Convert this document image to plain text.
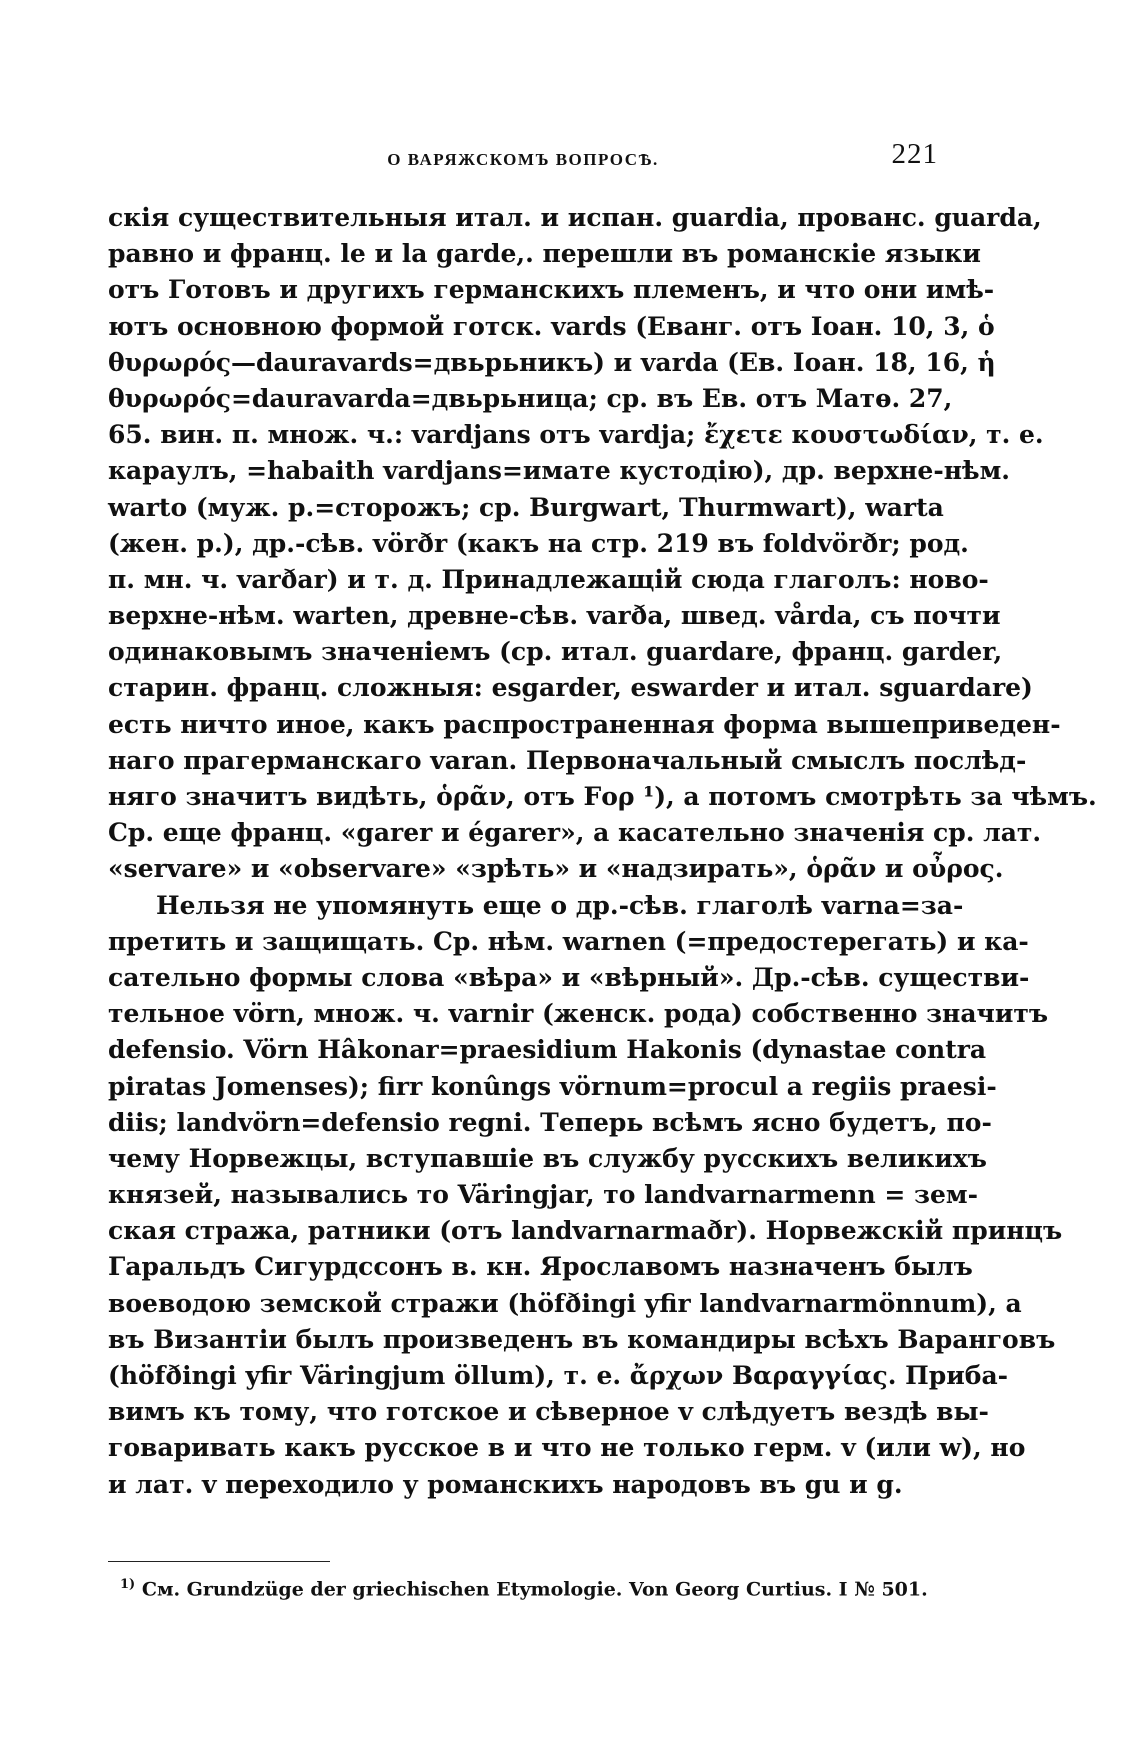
О ВАРЯЖСКОМЪ ВОПРОСѢ.	221
скія существительныя итал. и испан. guardia, прованс. guarda,
равно и франц. le и la garde,. перешли въ романскіе языки
отъ Готовъ и другихъ германскихъ племенъ, и что они имѣ-
ютъ основною формой готск. vards (Еванг. отъ Іоан. 10, 3, ὁ
θυρωρός—dauravards=двьрьникъ) и varda (Ев. Іоан. 18, 16, ἡ
θυρωρός=dauravarda=двьрьница; ср. въ Ев. отъ Матѳ. 27,
65. вин. п. множ. ч.: vardjans отъ vardja; ἔχετε κουστωδίαν, т. е.
караулъ, =habaith vardjans=имате кустодію), др. верхне-нѣм.
warto (муж. р.=сторожъ; ср. Burgwart, Thurmwart), warta
(жен. р.), др.-сѣв. vörðr (какъ на стр. 219 въ foldvörðr; род.
п. мн. ч. varðar) и т. д. Принадлежащій сюда глаголъ: ново-
верхне-нѣм. warten, древне-сѣв. varða, швед. vårda, съ почти
одинаковымъ значеніемъ (ср. итал. guardare, франц. garder,
старин. франц. сложныя: esgarder, eswarder и итал. sguardare)
есть ничто иное, какъ распространенная форма вышеприведен-
наго прагерманскаго varan. Первоначальный смыслъ послѣд-
няго значитъ видѣть, ὁρᾶν, отъ Fορ ¹), а потомъ смотрѣть за чѣмъ.
Ср. еще франц. «garer и égarer», а касательно значенія ср. лат.
«servare» и «observare» «зрѣть» и «надзирать», ὁρᾶν и οὖρος.
Нельзя не упомянуть еще о др.-сѣв. глаголѣ varna=за-
претить и защищать. Ср. нѣм. warnen (=предостерегать) и ка-
сательно формы слова «вѣра» и «вѣрный». Др.-сѣв. существи-
тельное vörn, множ. ч. varnir (женск. рода) собственно значитъ
defensio. Vörn Hâkonar=praesidium Hakonis (dynastae contra
piratas Jomenses); firr konûngs vörnum=procul a regiis praesi-
diis; landvörn=defensio regni. Теперь всѣмъ ясно будетъ, по-
чему Норвежцы, вступавшіе въ службу русскихъ великихъ
князей, назывались то Väringjar, то landvarnarmenn = зем-
ская стража, ратники (отъ landvarnarmaðr). Норвежскій принцъ
Гаральдъ Сигурдссонъ в. кн. Ярославомъ назначенъ былъ
воеводою земской стражи (höfðingi yfir landvarnarmönnum), а
въ Византіи былъ произведенъ въ командиры всѣхъ Варанговъ
(höfðingi yfir Väringjum öllum), т. е. ἄρχων Βαραγγίας. Приба-
вимъ къ тому, что готское и сѣверное v слѣдуетъ вездѣ вы-
говаривать какъ русское в и что не только герм. v (или w), но
и лат. v переходило у романскихъ народовъ въ gu и g.
$^{1)}$ См. Grundzüge der griechischen Etymologie. Von Georg Curtius. I № 501.
